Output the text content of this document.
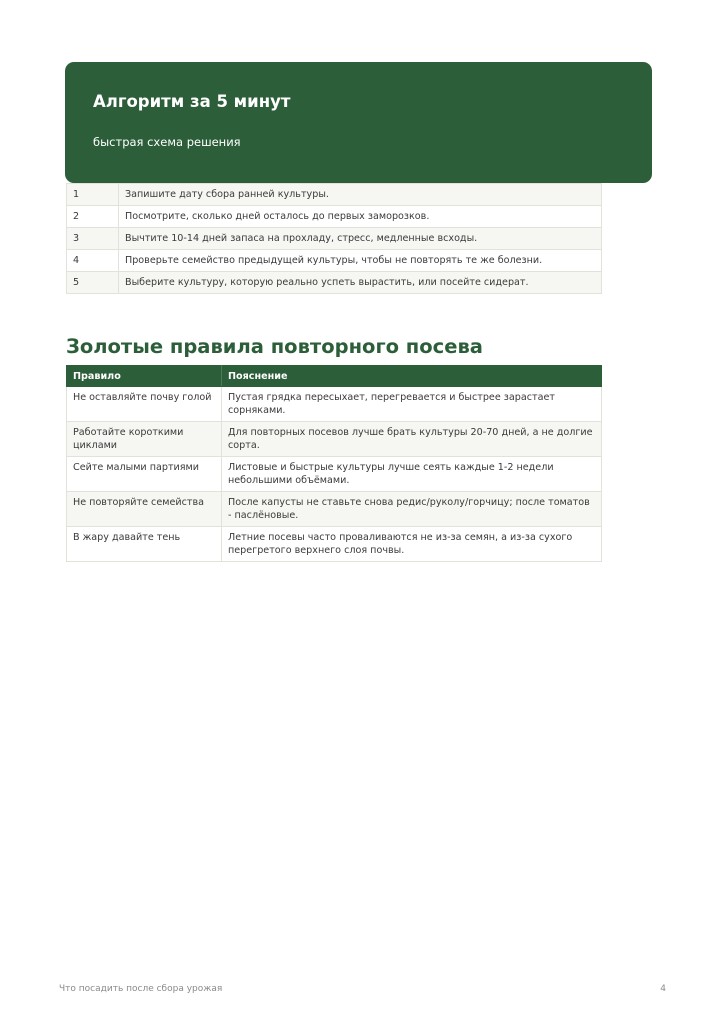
Алгоритм за 5 минут
быстрая схема решения
1	Запишите дату сбора ранней культуры.
2	Посмотрите, сколько дней осталось до первых заморозков.
3	Вычтите 10-14 дней запаса на прохладу, стресс, медленные всходы.
4	Проверьте семейство предыдущей культуры, чтобы не повторять те же болезни.
5	Выберите культуру, которую реально успеть вырастить, или посейте сидерат.
Золотые правила повторного посева
Правило	Пояснение
Не оставляйте почву голой	Пустая грядка пересыхает, перегревается и быстрее зарастает сорняками.
Работайте короткими циклами	Для повторных посевов лучше брать культуры 20-70 дней, а не долгие сорта.
Сейте малыми партиями	Листовые и быстрые культуры лучше сеять каждые 1-2 недели небольшими объёмами.
Не повторяйте семейства	После капусты не ставьте снова редис/руколу/горчицу; после томатов - паслёновые.
В жару давайте тень	Летние посевы часто проваливаются не из-за семян, а из-за сухого перегретого верхнего слоя почвы.
Что посадить после сбора урожая	4
